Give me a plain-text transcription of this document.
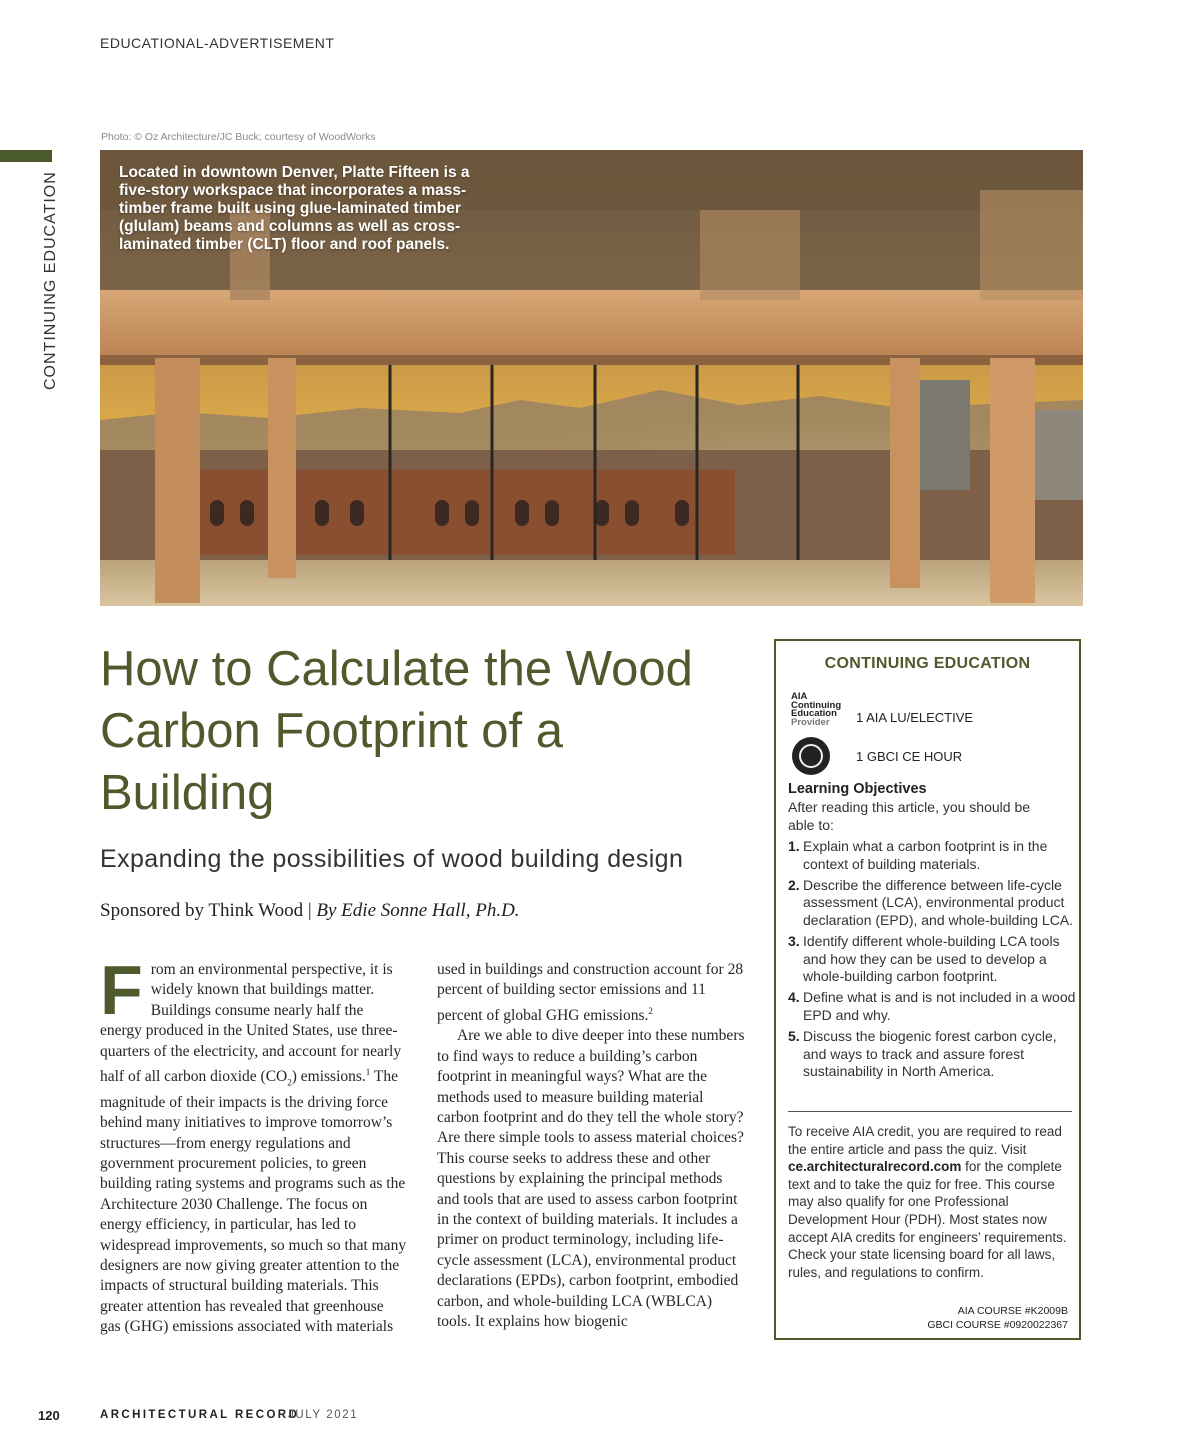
EDUCATIONAL-ADVERTISEMENT
CONTINUING EDUCATION
Photo: © Oz Architecture/JC Buck; courtesy of WoodWorks
Located in downtown Denver, Platte Fifteen is a five-story workspace that incorporates a mass-timber frame built using glue-laminated timber (glulam) beams and columns as well as cross-laminated timber (CLT) floor and roof panels.
How to Calculate the Wood Carbon Footprint of a Building
Expanding the possibilities of wood building design
Sponsored by Think Wood | By Edie Sonne Hall, Ph.D.
F rom an environmental perspective, it is widely known that buildings matter. Buildings consume nearly half the energy produced in the United States, use three-quarters of the electricity, and account for nearly half of all carbon dioxide $(CO_2)$ emissions.$^1$ The magnitude of their impacts is the driving force behind many initiatives to improve tomorrow’s structures—from energy regulations and government procurement policies, to green building rating systems and programs such as the Architecture 2030 Challenge. The focus on energy efficiency, in particular, has led to widespread improvements, so much so that many designers are now giving greater attention to the impacts of structural building materials. This greater attention has revealed that greenhouse gas (GHG) emissions associated with materials
used in buildings and construction account for 28 percent of building sector emissions and 11 percent of global GHG emissions.$^2$
Are we able to dive deeper into these numbers to find ways to reduce a building’s carbon footprint in meaningful ways? What are the methods used to measure building material carbon footprint and do they tell the whole story? Are there simple tools to assess material choices? This course seeks to address these and other questions by explaining the principal methods and tools that are used to assess carbon footprint in the context of building materials. It includes a primer on product terminology, including life-cycle assessment (LCA), environmental product declarations (EPDs), carbon footprint, embodied carbon, and whole-building LCA (WBLCA) tools. It explains how biogenic
CONTINUING EDUCATION
AIA
Continuing
Education
Provider	1 AIA LU/ELECTIVE
1 GBCI CE HOUR
Learning Objectives
After reading this article, you should be able to:
1. Explain what a carbon footprint is in the context of building materials.
2. Describe the difference between life-cycle assessment (LCA), environmental product declaration (EPD), and whole-building LCA.
3. Identify different whole-building LCA tools and how they can be used to develop a whole-building carbon footprint.
4. Define what is and is not included in a wood EPD and why.
5. Discuss the biogenic forest carbon cycle, and ways to track and assure forest sustainability in North America.
To receive AIA credit, you are required to read the entire article and pass the quiz. Visit ce.architecturalrecord.com for the complete text and to take the quiz for free. This course may also qualify for one Professional Development Hour (PDH). Most states now accept AIA credits for engineers’ requirements. Check your state licensing board for all laws, rules, and regulations to confirm.
AIA COURSE #K2009B
GBCI COURSE #0920022367
120	ARCHITECTURAL RECORD
JULY 2021
